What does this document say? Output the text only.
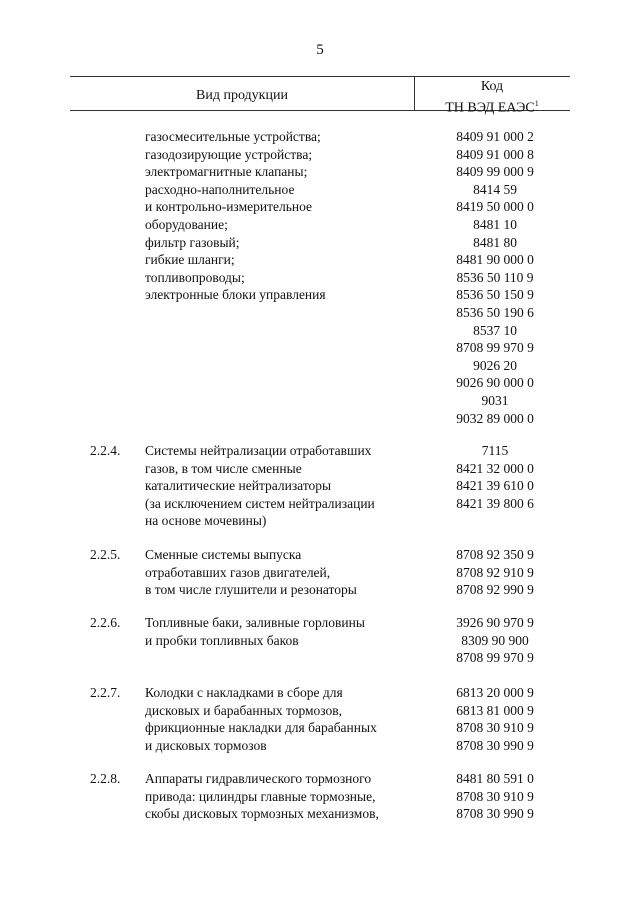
5
Вид продукции
Код
ТН ВЭД ЕАЭС$^1$
газосмесительные устройства;
газодозирующие устройства;
электромагнитные клапаны;
расходно-наполнительное
и контрольно-измерительное
оборудование;
фильтр газовый;
гибкие шланги;
топливопроводы;
электронные блоки управления
8409 91 000 2
8409 91 000 8
8409 99 000 9
8414 59
8419 50 000 0
8481 10
8481 80
8481 90 000 0
8536 50 110 9
8536 50 150 9
8536 50 190 6
8537 10
8708 99 970 9
9026 20
9026 90 000 0
9031
9032 89 000 0
2.2.4. Системы нейтрализации отработавших
газов, в том числе сменные
каталитические нейтрализаторы
(за исключением систем нейтрализации
на основе мочевины)
7115
8421 32 000 0
8421 39 610 0
8421 39 800 6
2.2.5. Сменные системы выпуска
отработавших газов двигателей,
в том числе глушители и резонаторы
8708 92 350 9
8708 92 910 9
8708 92 990 9
2.2.6. Топливные баки, заливные горловины
и пробки топливных баков
3926 90 970 9
8309 90 900
8708 99 970 9
2.2.7. Колодки с накладками в сборе для
дисковых и барабанных тормозов,
фрикционные накладки для барабанных
и дисковых тормозов
6813 20 000 9
6813 81 000 9
8708 30 910 9
8708 30 990 9
2.2.8. Аппараты гидравлического тормозного
привода: цилиндры главные тормозные,
скобы дисковых тормозных механизмов,
8481 80 591 0
8708 30 910 9
8708 30 990 9
